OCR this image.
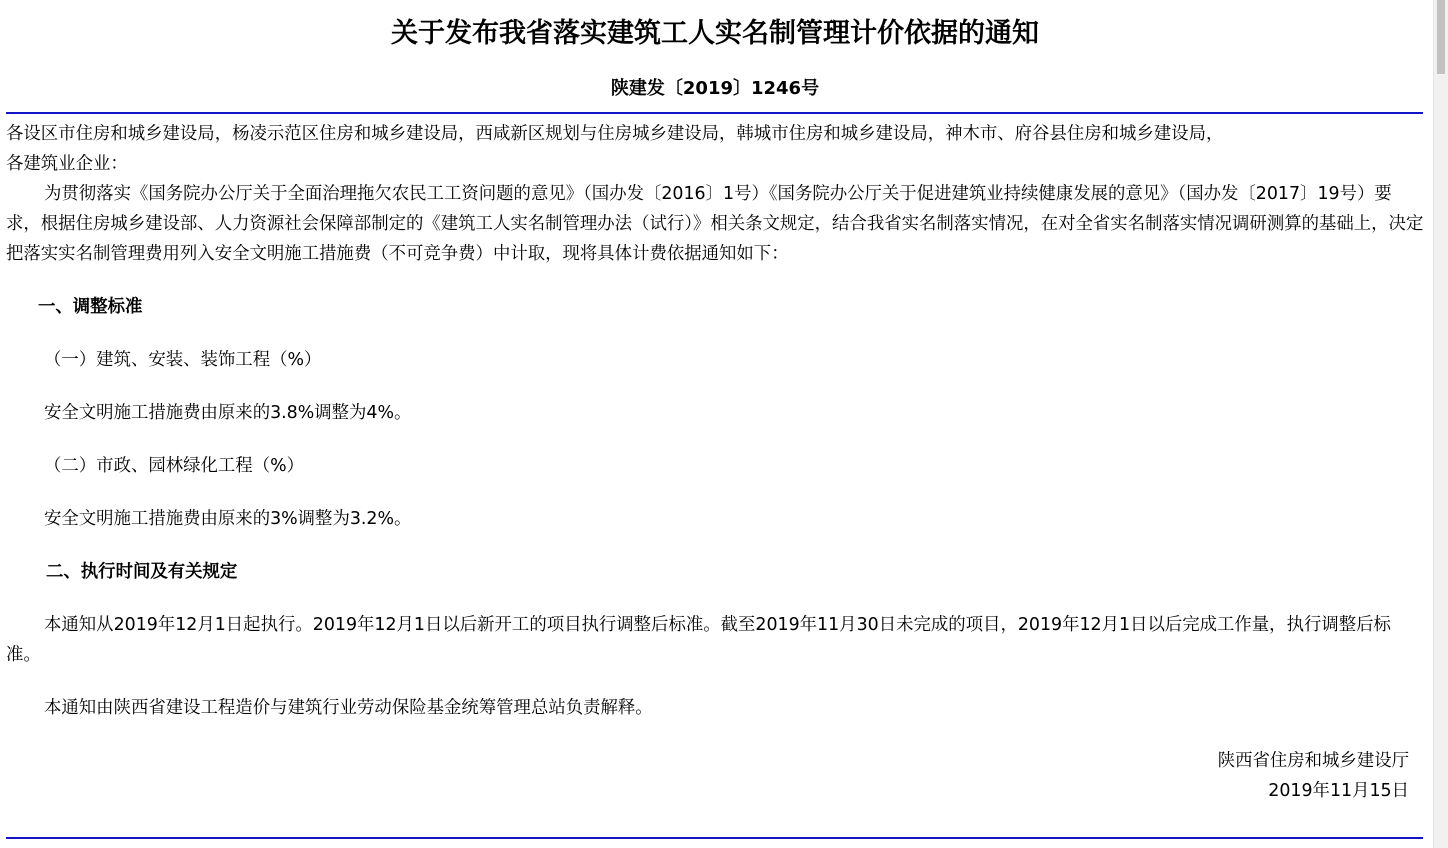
关于发布我省落实建筑工人实名制管理计价依据的通知
陕建发〔2019〕1246号

各设区市住房和城乡建设局，杨凌示范区住房和城乡建设局，西咸新区规划与住房城乡建设局，韩城市住房和城乡建设局，神木市、府谷县住房和城乡建设局，

各建筑业企业：

为贯彻落实《国务院办公厅关于全面治理拖欠农民工工资问题的意见》（国办发〔2016〕1号）《国务院办公厅关于促进建筑业持续健康发展的意见》（国办发〔2017〕19号）要求，根据住房城乡建设部、人力资源社会保障部制定的《建筑工人实名制管理办法（试行）》相关条文规定，结合我省实名制落实情况，在对全省实名制落实情况调研测算的基础上，决定把落实实名制管理费用列入安全文明施工措施费（不可竞争费）中计取，现将具体计费依据通知如下：

一、调整标准

（一）建筑、安装、装饰工程（%）

安全文明施工措施费由原来的3.8%调整为4%。

（二）市政、园林绿化工程（%）

安全文明施工措施费由原来的3%调整为3.2%。

二、执行时间及有关规定

本通知从2019年12月1日起执行。2019年12月1日以后新开工的项目执行调整后标准。截至2019年11月30日未完成的项目，2019年12月1日以后完成工作量，执行调整后标准。

本通知由陕西省建设工程造价与建筑行业劳动保险基金统筹管理总站负责解释。

陕西省住房和城乡建设厅
2019年11月15日
